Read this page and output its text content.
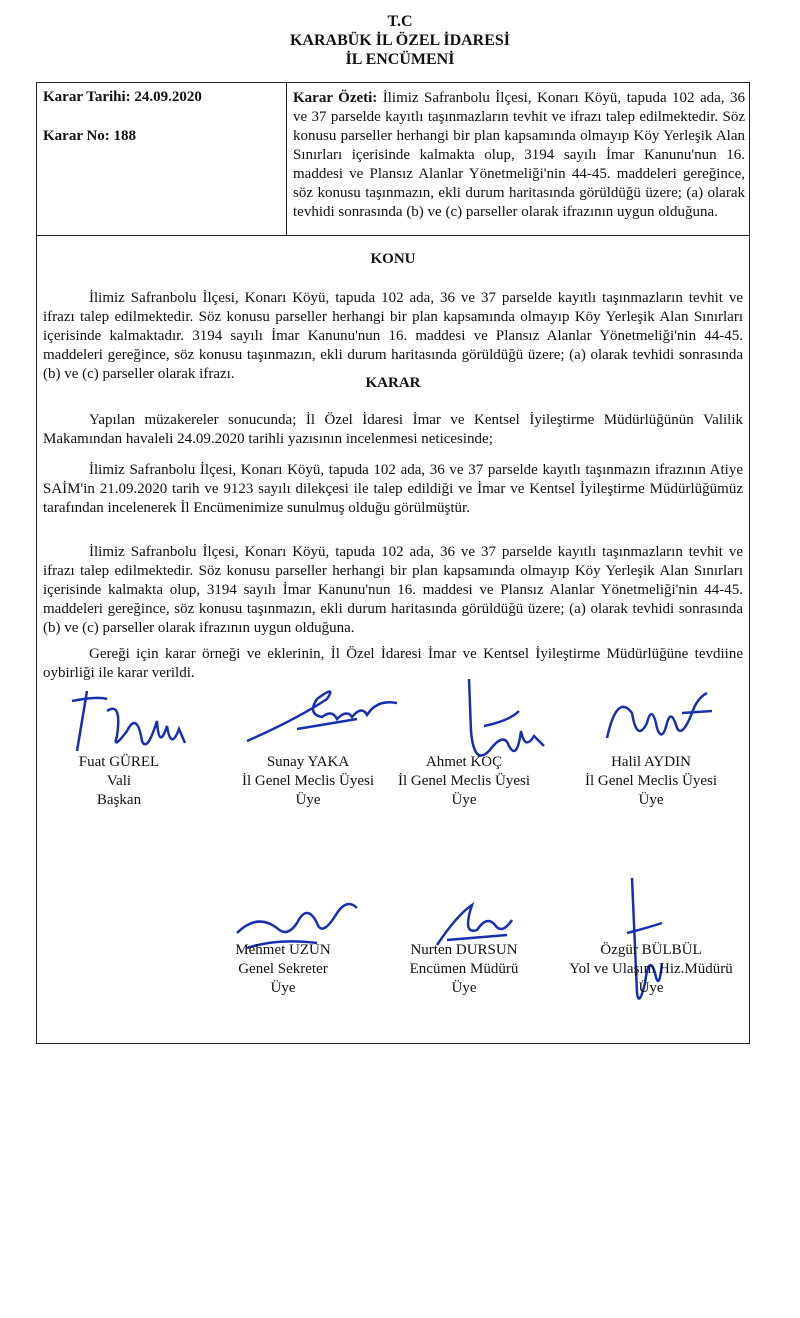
T.C
KARABÜK İL ÖZEL İDARESİ
İL ENCÜMENİ
Karar Tarihi: 24.09.2020
Karar No: 188
Karar Özeti: İlimiz Safranbolu İlçesi, Konarı Köyü, tapuda 102 ada, 36 ve 37 parselde kayıtlı taşınmazların tevhit ve ifrazı talep edilmektedir. Söz konusu parseller herhangi bir plan kapsamında olmayıp Köy Yerleşik Alan Sınırları içerisinde kalmakta olup, 3194 sayılı İmar Kanunu'nun 16. maddesi ve Plansız Alanlar Yönetmeliği'nin 44-45. maddeleri gereğince, söz konusu taşınmazın, ekli durum haritasında görüldüğü üzere; (a) olarak tevhidi sonrasında (b) ve (c) parseller olarak ifrazının uygun olduğuna.
KONU
İlimiz Safranbolu İlçesi, Konarı Köyü, tapuda 102 ada, 36 ve 37 parselde kayıtlı taşınmazların tevhit ve ifrazı talep edilmektedir. Söz konusu parseller herhangi bir plan kapsamında olmayıp Köy Yerleşik Alan Sınırları içerisinde kalmaktadır. 3194 sayılı İmar Kanunu'nun 16. maddesi ve Plansız Alanlar Yönetmeliği'nin 44-45. maddeleri gereğince, söz konusu taşınmazın, ekli durum haritasında görüldüğü üzere; (a) olarak tevhidi sonrasında (b) ve (c) parseller olarak ifrazı.
KARAR
Yapılan müzakereler sonucunda; İl Özel İdaresi İmar ve Kentsel İyileştirme Müdürlüğünün Valilik Makamından havaleli 24.09.2020 tarihli yazısının incelenmesi neticesinde;
İlimiz Safranbolu İlçesi, Konarı Köyü, tapuda 102 ada, 36 ve 37 parselde kayıtlı taşınmazın ifrazının Atiye SAİM'in 21.09.2020 tarih ve 9123 sayılı dilekçesi ile talep edildiği ve İmar ve Kentsel İyileştirme Müdürlüğümüz tarafından incelenerek İl Encümenimize sunulmuş olduğu görülmüştür.
İlimiz Safranbolu İlçesi, Konarı Köyü, tapuda 102 ada, 36 ve 37 parselde kayıtlı taşınmazların tevhit ve ifrazı talep edilmektedir. Söz konusu parseller herhangi bir plan kapsamında olmayıp Köy Yerleşik Alan Sınırları içerisinde kalmakta olup, 3194 sayılı İmar Kanunu'nun 16. maddesi ve Plansız Alanlar Yönetmeliği'nin 44-45. maddeleri gereğince, söz konusu taşınmazın, ekli durum haritasında görüldüğü üzere; (a) olarak tevhidi sonrasında (b) ve (c) parseller olarak ifrazının uygun olduğuna.
Gereği için karar örneği ve eklerinin, İl Özel İdaresi İmar ve Kentsel İyileştirme Müdürlüğüne tevdiine oybirliği ile karar verildi.
Fuat GÜREL
Vali
Başkan
Sunay YAKA
İl Genel Meclis Üyesi
Üye
Ahmet KOÇ
İl Genel Meclis Üyesi
Üye
Halil AYDIN
İl Genel Meclis Üyesi
Üye
Mehmet UZUN
Genel Sekreter
Üye
Nurten DURSUN
Encümen Müdürü
Üye
Özgür BÜLBÜL
Yol ve Ulaşım Hiz.Müdürü
Üye
